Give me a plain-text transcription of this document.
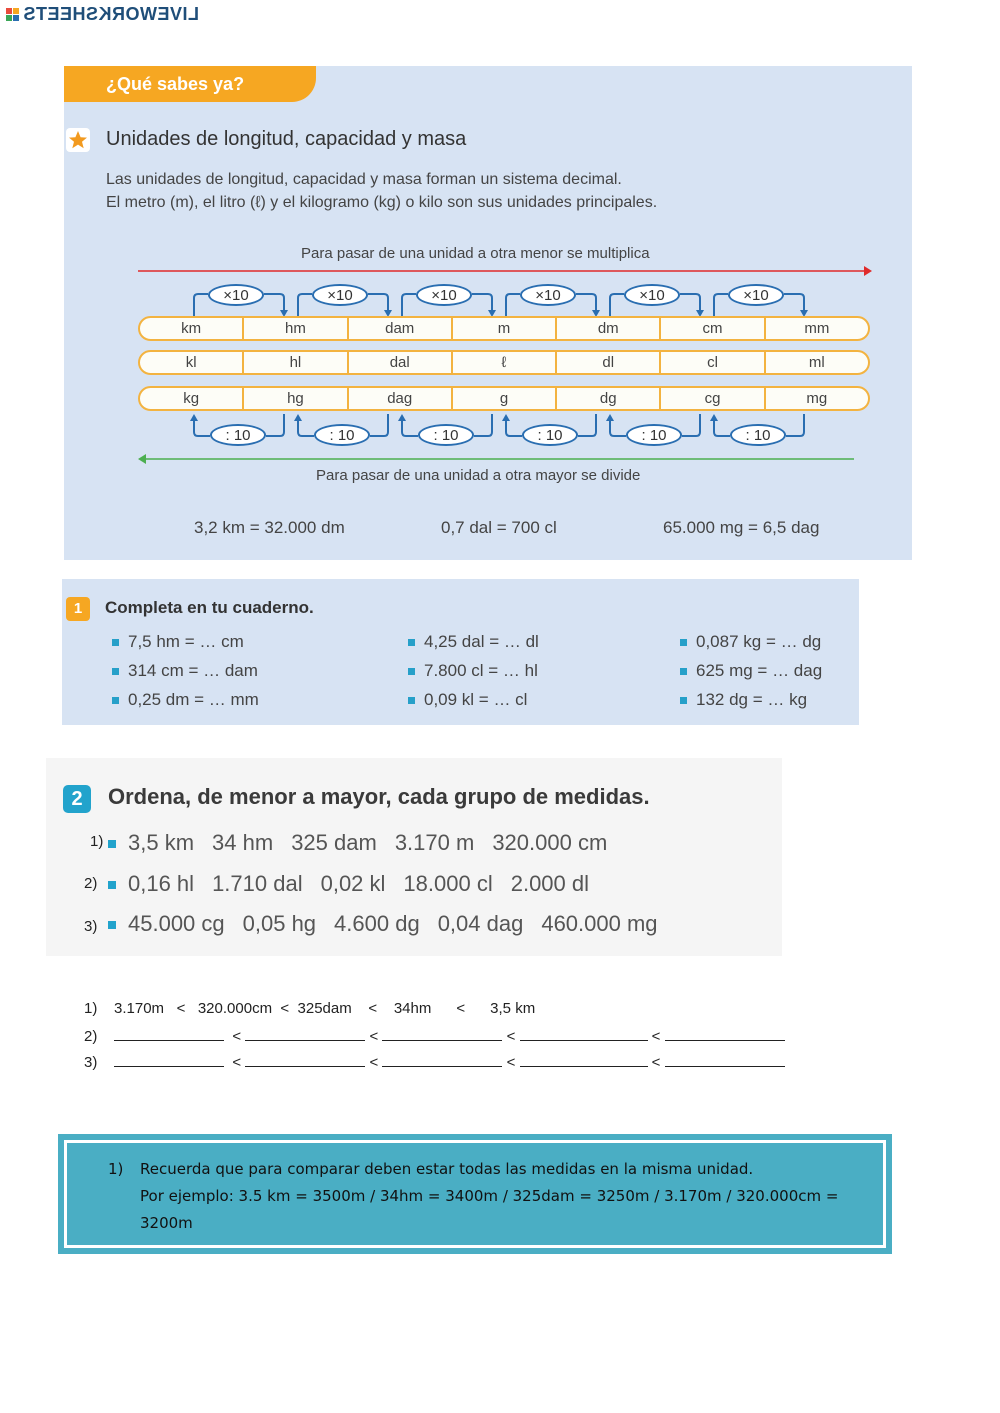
LIVEWORKSHEETS
¿Qué sabes ya?
Unidades de longitud, capacidad y masa
Las unidades de longitud, capacidad y masa forman un sistema decimal.
El metro (m), el litro (ℓ) y el kilogramo (kg) o kilo son sus unidades principales.
Para pasar de una unidad a otra menor se multiplica
×10	×10	×10	×10	×10	×10
km	hm	dam	m	dm	cm	mm
kl	hl	dal	ℓ	dl	cl	ml
kg	hg	dag	g	dg	cg	mg
: 10	: 10	: 10	: 10	: 10	: 10
Para pasar de una unidad a otra mayor se divide
3,2 km = 32.000 dm	0,7 dal = 700 cl	65.000 mg = 6,5 dag
1	Completa en tu cuaderno.
7,5 hm = … cm	4,25 dal = … dl	0,087 kg = … dg
314 cm = … dam	7.800 cl = … hl	625 mg = … dag
0,25 dm = … mm	0,09 kl = … cl	132 dg = … kg
2	Ordena, de menor a mayor, cada grupo de medidas.
1)	3,5 km 34 hm 325 dam 3.170 m 320.000 cm
2)	0,16 hl 1.710 dal 0,02 kl 18.000 cl 2.000 dl
3)	45.000 cg 0,05 hg 4.600 dg 0,04 dag 460.000 mg
1) 3.170m < 320.000cm < 325dam < 34hm < 3,5 km
2)	<	<	<	<
3)	<	<	<	<
1) Recuerda que para comparar deben estar todas las medidas en la misma unidad.
Por ejemplo: 3.5 km = 3500m / 34hm = 3400m / 325dam = 3250m / 3.170m / 320.000cm = 3200m
